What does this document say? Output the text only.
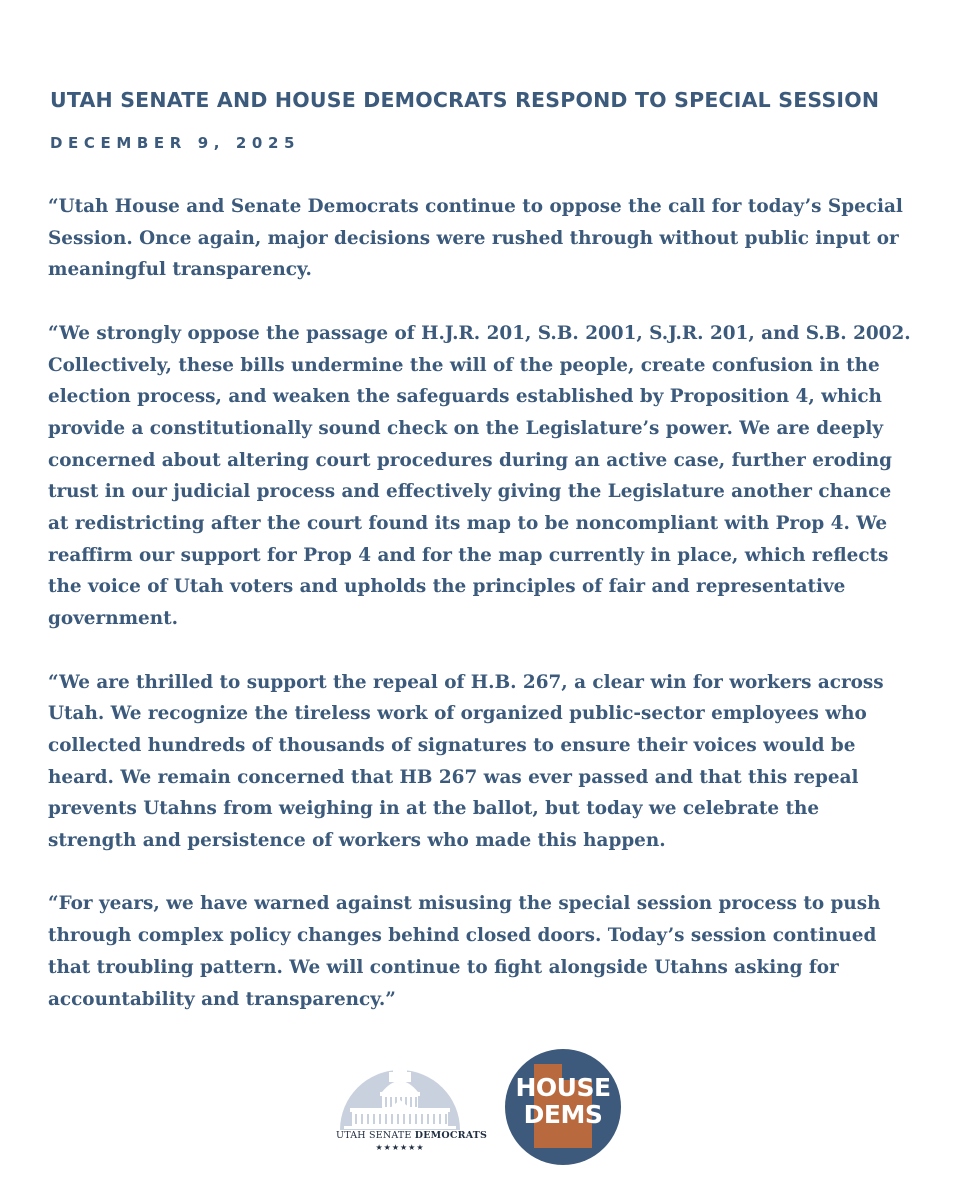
UTAH SENATE AND HOUSE DEMOCRATS RESPOND TO SPECIAL SESSION
DECEMBER 9, 2025

“Utah House and Senate Democrats continue to oppose the call for today’s Special
Session. Once again, major decisions were rushed through without public input or
meaningful transparency.

“We strongly oppose the passage of H.J.R. 201, S.B. 2001, S.J.R. 201, and S.B. 2002.
Collectively, these bills undermine the will of the people, create confusion in the
election process, and weaken the safeguards established by Proposition 4, which
provide a constitutionally sound check on the Legislature’s power. We are deeply
concerned about altering court procedures during an active case, further eroding
trust in our judicial process and effectively giving the Legislature another chance
at redistricting after the court found its map to be noncompliant with Prop 4. We
reaffirm our support for Prop 4 and for the map currently in place, which reflects
the voice of Utah voters and upholds the principles of fair and representative
government.

“We are thrilled to support the repeal of H.B. 267, a clear win for workers across
Utah. We recognize the tireless work of organized public-sector employees who
collected hundreds of thousands of signatures to ensure their voices would be
heard. We remain concerned that HB 267 was ever passed and that this repeal
prevents Utahns from weighing in at the ballot, but today we celebrate the
strength and persistence of workers who made this happen.

“For years, we have warned against misusing the special session process to push
through complex policy changes behind closed doors. Today’s session continued
that troubling pattern. We will continue to fight alongside Utahns asking for
accountability and transparency.”

UTAH SENATE DEMOCRATS
★★★★★★
HOUSE
DEMS
